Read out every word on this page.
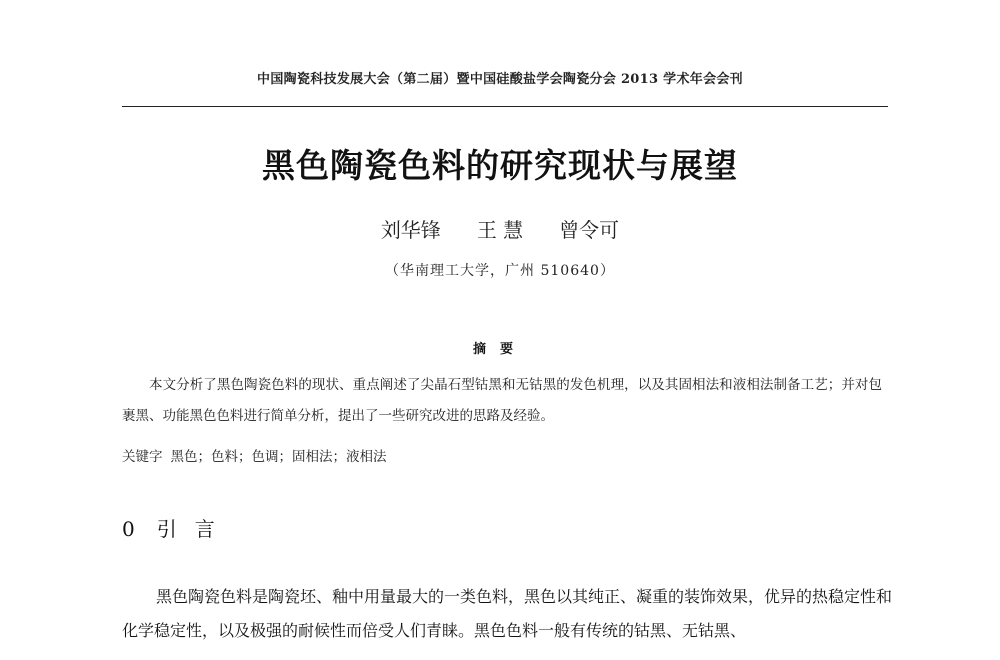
中国陶瓷科技发展大会（第二届）暨中国硅酸盐学会陶瓷分会 2013 学术年会会刊
黑色陶瓷色料的研究现状与展望
刘华锋 王 慧 曾令可
（华南理工大学，广州 510640）
摘要
本文分析了黑色陶瓷色料的现状、重点阐述了尖晶石型钴黑和无钴黑的发色机理，以及其固相法和液相法制备工艺；并对包裹黑、功能黑色色料进行简单分析，提出了一些研究改进的思路及经验。
关键字 黑色；色料；色调；固相法；液相法
0 引言
黑色陶瓷色料是陶瓷坯、釉中用量最大的一类色料，黑色以其纯正、凝重的装饰效果，优异的热稳定性和化学稳定性，以及极强的耐候性而倍受人们青睐。黑色色料一般有传统的钴黑、无钴黑、
